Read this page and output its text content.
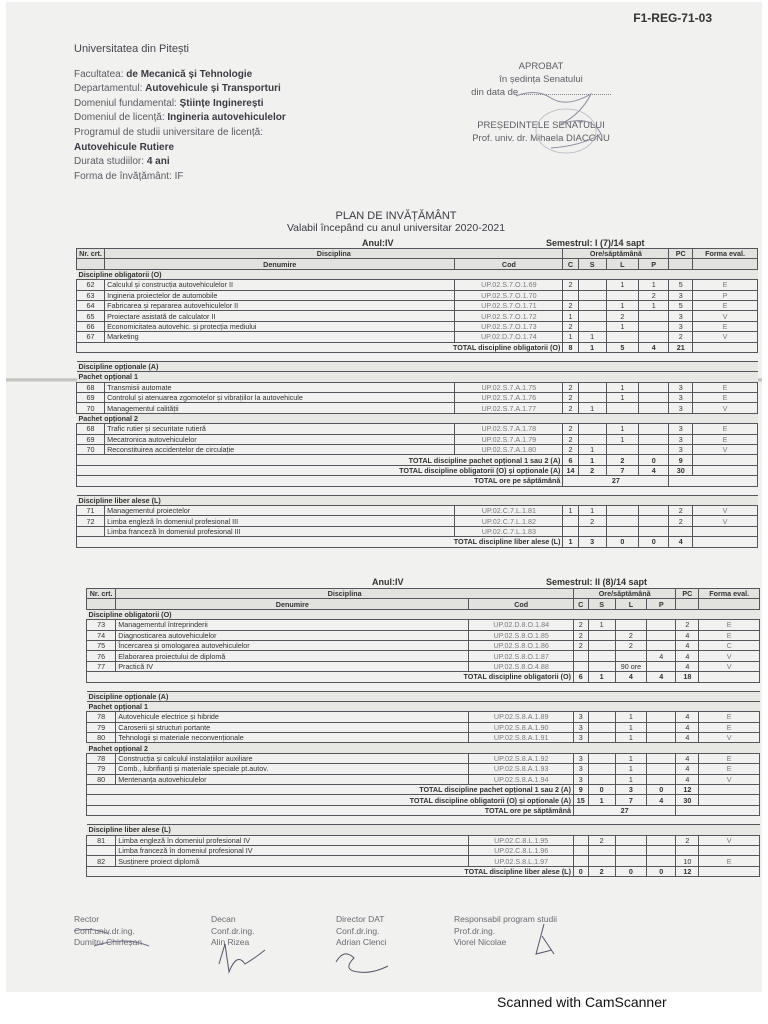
F1-REG-71-03
Universitatea din Pitești
Facultatea: de Mecanică și Tehnologie
Departamentul: Autovehicule și Transporturi
Domeniul fundamental: Științe Inginerești
Domeniul de licență: Ingineria autovehiculelor
Programul de studii universitare de licență:
Autovehicule Rutiere
Durata studiilor: 4 ani
Forma de învățământ: IF
APROBAT
în ședința Senatului
din data de
PREȘEDINTELE SENATULUI
Prof. univ. dr. Mihaela DIACONU
PLAN DE INVĂȚĂMÂNT
Valabil începând cu anul universitar 2020-2021
Anul:IV	Semestrul: I (7)/14 sapt
Nr. crt.	Disciplina		Ore/săptămână				PC	Forma eval.
	Denumire	Cod	C	S	L	P		
Discipline obligatorii (O)								
62	Calculul și construcția autovehiculelor II	UP.02.S.7.O.1.69	2		1	1	5	E
63	Ingineria proiectelor de automobile	UP.02.S.7.O.1.70				2	3	P
64	Fabricarea și repararea autovehiculelor II	UP.02.S.7.O.1.71	2		1	1	5	E
65	Proiectare asistată de calculator II	UP.02.S.7.O.1.72	1		2		3	V
66	Economicitatea autovehic. și protecția mediului	UP.02.S.7.O.1.73	2		1		3	E
67	Marketing	UP.02.D.7.O.1.74	1	1			2	V
TOTAL discipline obligatorii (O)			8	1	5	4	21	

Discipline opționale (A)								
Pachet opțional 1								
68	Transmisii automate	UP.02.S.7.A.1.75	2		1		3	E
69	Controlul și atenuarea zgomotelor și vibrațiilor la autovehicule	UP.02.S.7.A.1.76	2		1		3	E
70	Managementul calității	UP.02.S.7.A.1.77	2	1			3	V
Pachet opțional 2								
68	Trafic rutier și securitate rutieră	UP.02.S.7.A.1.78	2		1		3	E
69	Mecatronica autovehiculelor	UP.02.S.7.A.1.79	2		1		3	E
70	Reconstituirea accidentelor de circulație	UP.02.S.7.A.1.80	2	1			3	V
TOTAL discipline pachet opțional 1 sau 2 (A)			6	1	2	0	9	
TOTAL discipline obligatorii (O) și opționale (A)			14	2	7	4	30	
TOTAL ore pe săptămână			27					

Discipline liber alese (L)								
71	Managementul proiectelor	UP.02.C.7.L.1.81	1	1			2	V
72	Limba engleză în domeniul profesional III	UP.02.C.7.L.1.82		2			2	V
	Limba franceză în domeniul profesional III	UP.02.C.7.L.1.83						
TOTAL discipline liber alese (L)			1	3	0	0	4	
Anul:IV	Semestrul: II (8)/14 sapt
Nr. crt.	Disciplina		Ore/săptămână				PC	Forma eval.
	Denumire	Cod	C	S	L	P		
Discipline obligatorii (O)								
73	Managementul întreprinderii	UP.02.D.8.O.1.84	2	1			2	E
74	Diagnosticarea autovehiculelor	UP.02.S.8.O.1.85	2		2		4	E
75	Încercarea și omologarea autovehiculelor	UP.02.S.8.O.1.86	2		2		4	C
76	Elaborarea proiectului de diplomă	UP.02.S.8.O.1.87				4	4	V
77	Practică IV	UP.02.S.8.O.4.88			90 ore		4	V
TOTAL discipline obligatorii (O)			6	1	4	4	18	

Discipline opționale (A)								
Pachet opțional 1								
78	Autovehicule electrice și hibride	UP.02.S.8.A.1.89	3		1		4	E
79	Caroserii și structuri portante	UP.02.S.8.A.1.90	3		1		4	E
80	Tehnologii și materiale neconvenționale	UP.02.S.8.A.1.91	3		1		4	V
Pachet opțional 2								
78	Construcția și calculul instalațiilor auxiliare	UP.02.S.8.A.1.92	3		1		4	E
79	Comb., lubrifianți și materiale speciale pt.autov.	UP.02.S.8.A.1.93	3		1		4	E
80	Mentenanța autovehiculelor	UP.02.S.8.A.1.94	3		1		4	V
TOTAL discipline pachet opțional 1 sau 2 (A)			9	0	3	0	12	
TOTAL discipline obligatorii (O) și opționale (A)			15	1	7	4	30	
TOTAL ore pe săptămână			27					

Discipline liber alese (L)								
81	Limba engleză în domeniul profesional IV	UP.02.C.8.L.1.95		2			2	V
	Limba franceză în domeniul profesional IV	UP.02.C.8.L.1.96						
82	Susținere proiect diplomă	UP.02.S.8.L.1.97					10	E
TOTAL discipline liber alese (L)			0	2	0	0	12	
Rector
Conf.univ.dr.ing.
Dumitru Chirleșan
Decan
Conf.dr.ing.
Alin Rizea
Director DAT
Conf.dr.ing.
Adrian Clenci
Responsabil program studii
Prof.dr.ing.
Viorel Nicolae
Scanned with CamScanner
